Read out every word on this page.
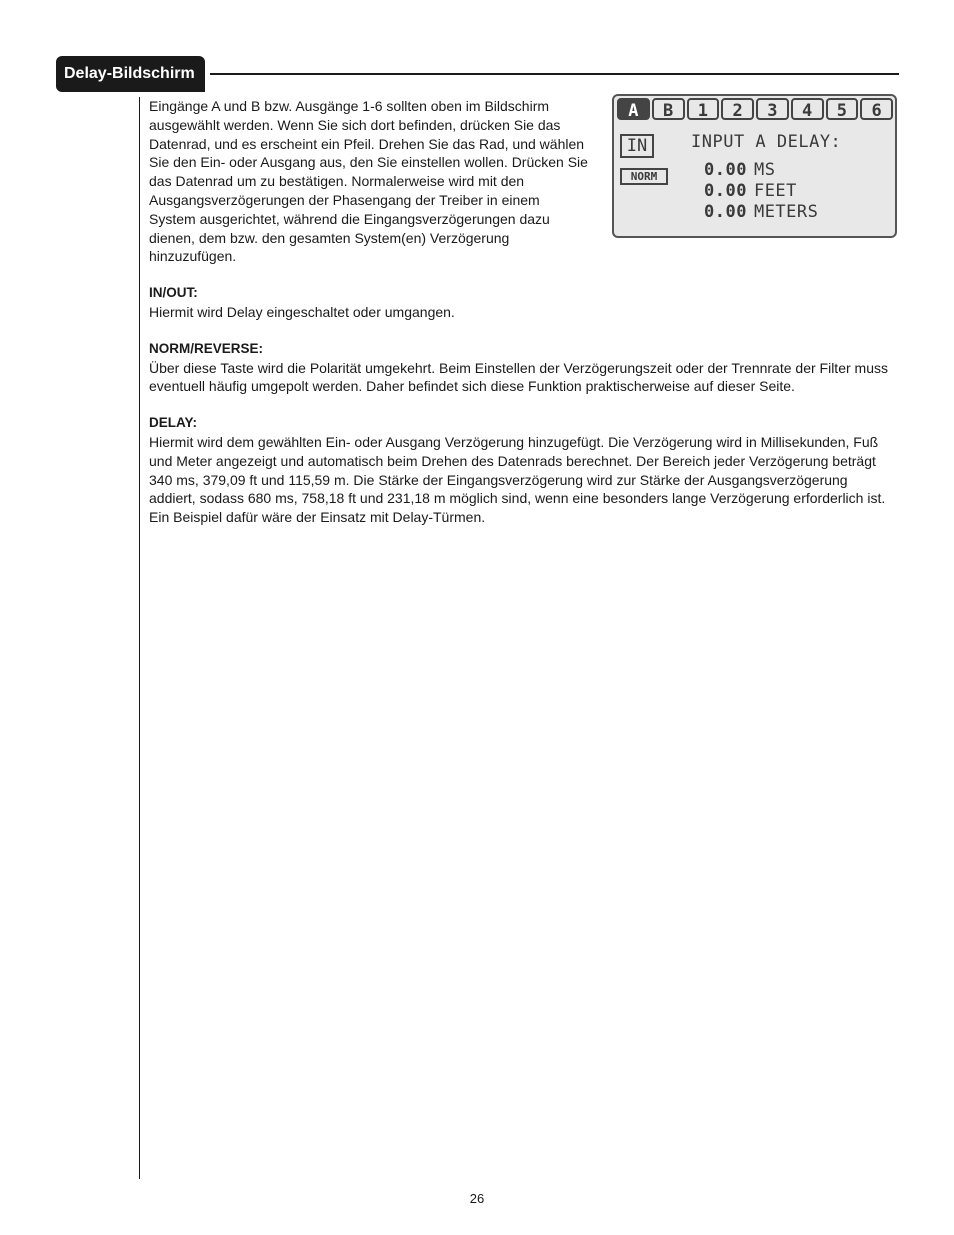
Delay-Bildschirm

Eingänge A und B bzw. Ausgänge 1-6 sollten oben im Bildschirm ausgewählt werden. Wenn Sie sich dort befinden, drücken Sie das Datenrad, und es erscheint ein Pfeil. Drehen Sie das Rad, und wählen Sie den Ein- oder Ausgang aus, den Sie einstellen wollen. Drücken Sie das Datenrad um zu bestätigen. Normalerweise wird mit den Ausgangsverzögerungen der Phasengang der Treiber in einem System ausgerichtet, während die Eingangsverzögerungen dazu dienen, dem bzw. den gesamten System(en) Verzögerung hinzuzufügen.

IN/OUT:

Hiermit wird Delay eingeschaltet oder umgangen.

NORM/REVERSE:

Über diese Taste wird die Polarität umgekehrt. Beim Einstellen der Verzögerungszeit oder der Trennrate der Filter muss eventuell häufig umgepolt werden. Daher befindet sich diese Funktion praktischerweise auf dieser Seite.

DELAY:

Hiermit wird dem gewählten Ein- oder Ausgang Verzögerung hinzugefügt. Die Verzögerung wird in Millisekunden, Fuß und Meter angezeigt und automatisch beim Drehen des Datenrads berechnet. Der Bereich jeder Verzögerung beträgt 340 ms, 379,09 ft und 115,59 m. Die Stärke der Eingangsverzögerung wird zur Stärke der Ausgangsverzögerung addiert, sodass 680 ms, 758,18 ft und 231,18 m möglich sind, wenn eine besonders lange Verzögerung erforderlich ist. Ein Beispiel dafür wäre der Einsatz mit Delay-Türmen.

A	B	1	2	3	4	5	6
IN
NORM
INPUT A DELAY:
0.00 MS
0.00 FEET
0.00 METERS
26
